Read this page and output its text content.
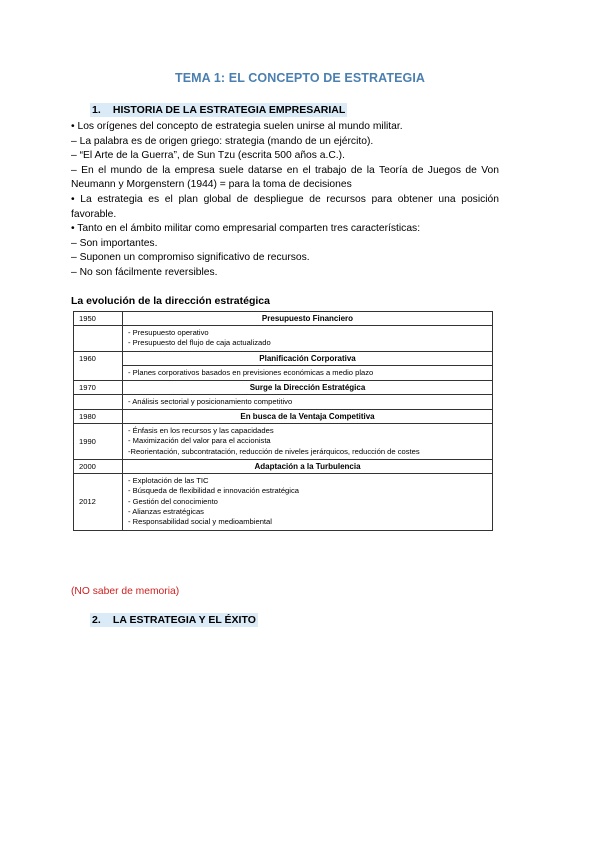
TEMA 1: EL CONCEPTO DE ESTRATEGIA
1. HISTORIA DE LA ESTRATEGIA EMPRESARIAL

• Los orígenes del concepto de estrategia suelen unirse al mundo militar.

– La palabra es de origen griego: strategia (mando de un ejército).

– “El Arte de la Guerra”, de Sun Tzu (escrita 500 años a.C.).

– En el mundo de la empresa suele datarse en el trabajo de la Teoría de Juegos de Von Neumann y Morgenstern (1944) = para la toma de decisiones

• La estrategia es el plan global de despliegue de recursos para obtener una posición favorable.

• Tanto en el ámbito militar como empresarial comparten tres características:

– Son importantes.

– Suponen un compromiso significativo de recursos.

– No son fácilmente reversibles.

La evolución de la dirección estratégica
1950	Presupuesto Financiero

	- Presupuesto operativo
- Presupuesto del flujo de caja actualizado

1960	Planificación Corporativa

	- Planes corporativos basados en previsiones económicas a medio plazo

1970	Surge la Dirección Estratégica

	- Análisis sectorial y posicionamiento competitivo

1980	En busca de la Ventaja Competitiva
1990	- Énfasis en los recursos y las capacidades
- Maximización del valor para el accionista
-Reorientación, subcontratación, reducción de niveles jerárquicos, reducción de costes

2000	Adaptación a la Turbulencia
2012	- Explotación de las TIC
- Búsqueda de flexibilidad e innovación estratégica
- Gestión del conocimiento
- Alianzas estratégicas
- Responsabilidad social y medioambiental
(NO saber de memoria)
2. LA ESTRATEGIA Y EL ÉXITO
